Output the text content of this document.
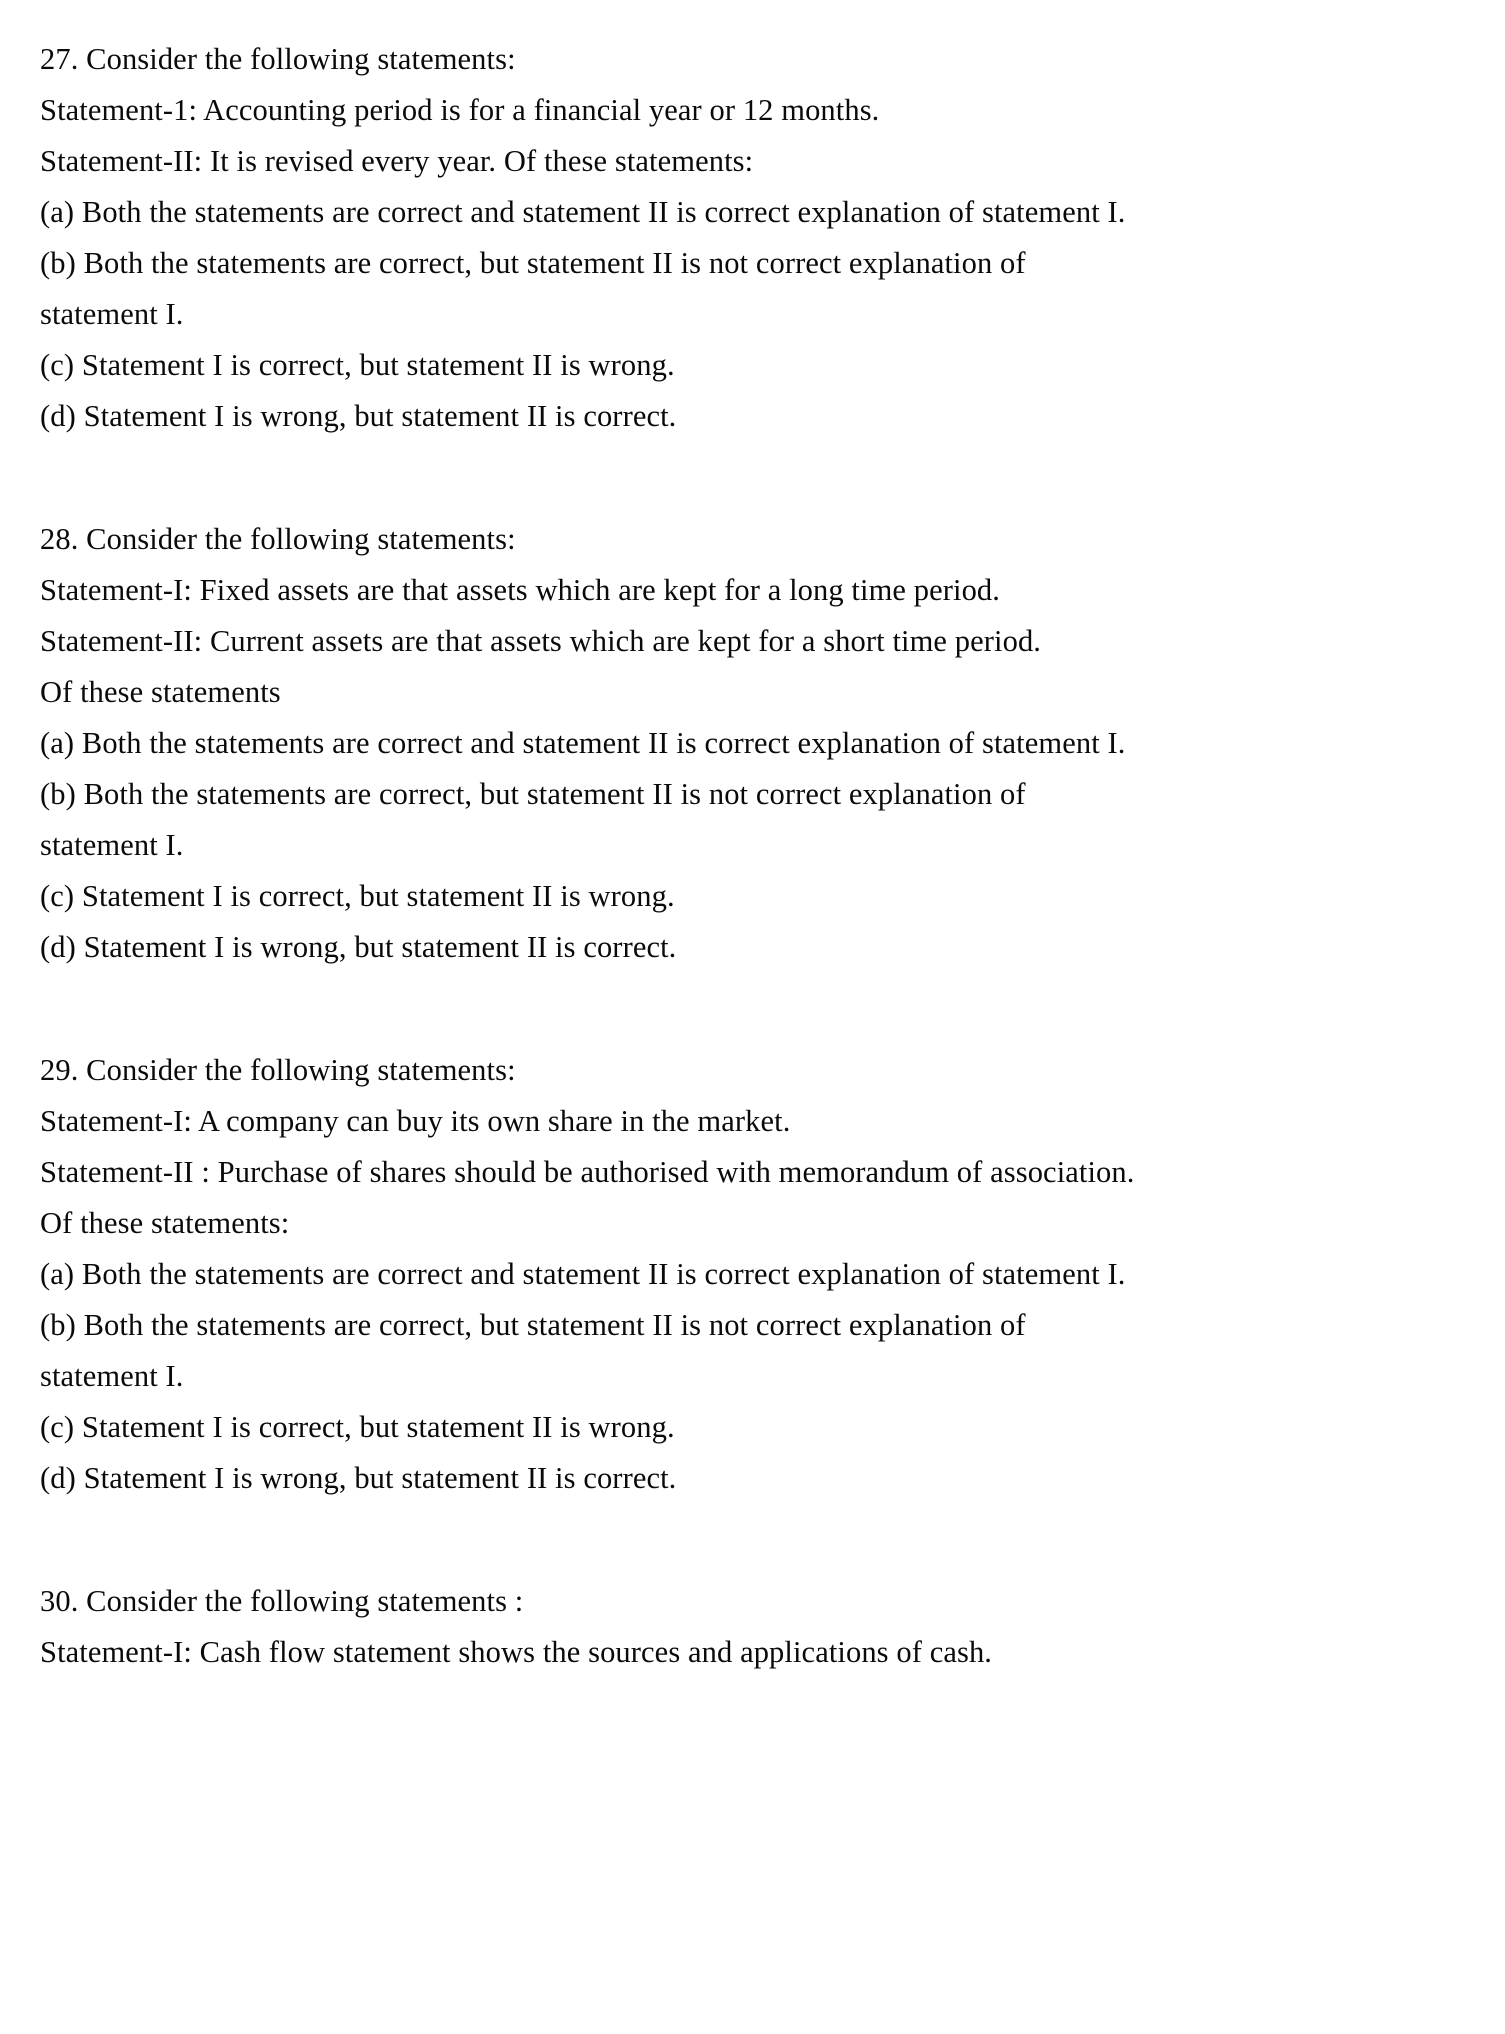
27. Consider the following statements:

Statement-1: Accounting period is for a financial year or 12 months.

Statement-II: It is revised every year. Of these statements:

(a) Both the statements are correct and statement II is correct explanation of statement I.

(b) Both the statements are correct, but statement II is not correct explanation of statement I.

(c) Statement I is correct, but statement II is wrong.

(d) Statement I is wrong, but statement II is correct.

28. Consider the following statements:

Statement-I: Fixed assets are that assets which are kept for a long time period.

Statement-II: Current assets are that assets which are kept for a short time period.

Of these statements

(a) Both the statements are correct and statement II is correct explanation of statement I.

(b) Both the statements are correct, but statement II is not correct explanation of statement I.

(c) Statement I is correct, but statement II is wrong.

(d) Statement I is wrong, but statement II is correct.

29. Consider the following statements:

Statement-I: A company can buy its own share in the market.

Statement-II : Purchase of shares should be authorised with memorandum of association.

Of these statements:

(a) Both the statements are correct and statement II is correct explanation of statement I.

(b) Both the statements are correct, but statement II is not correct explanation of statement I.

(c) Statement I is correct, but statement II is wrong.

(d) Statement I is wrong, but statement II is correct.

30. Consider the following statements :

Statement-I: Cash flow statement shows the sources and applications of cash.
